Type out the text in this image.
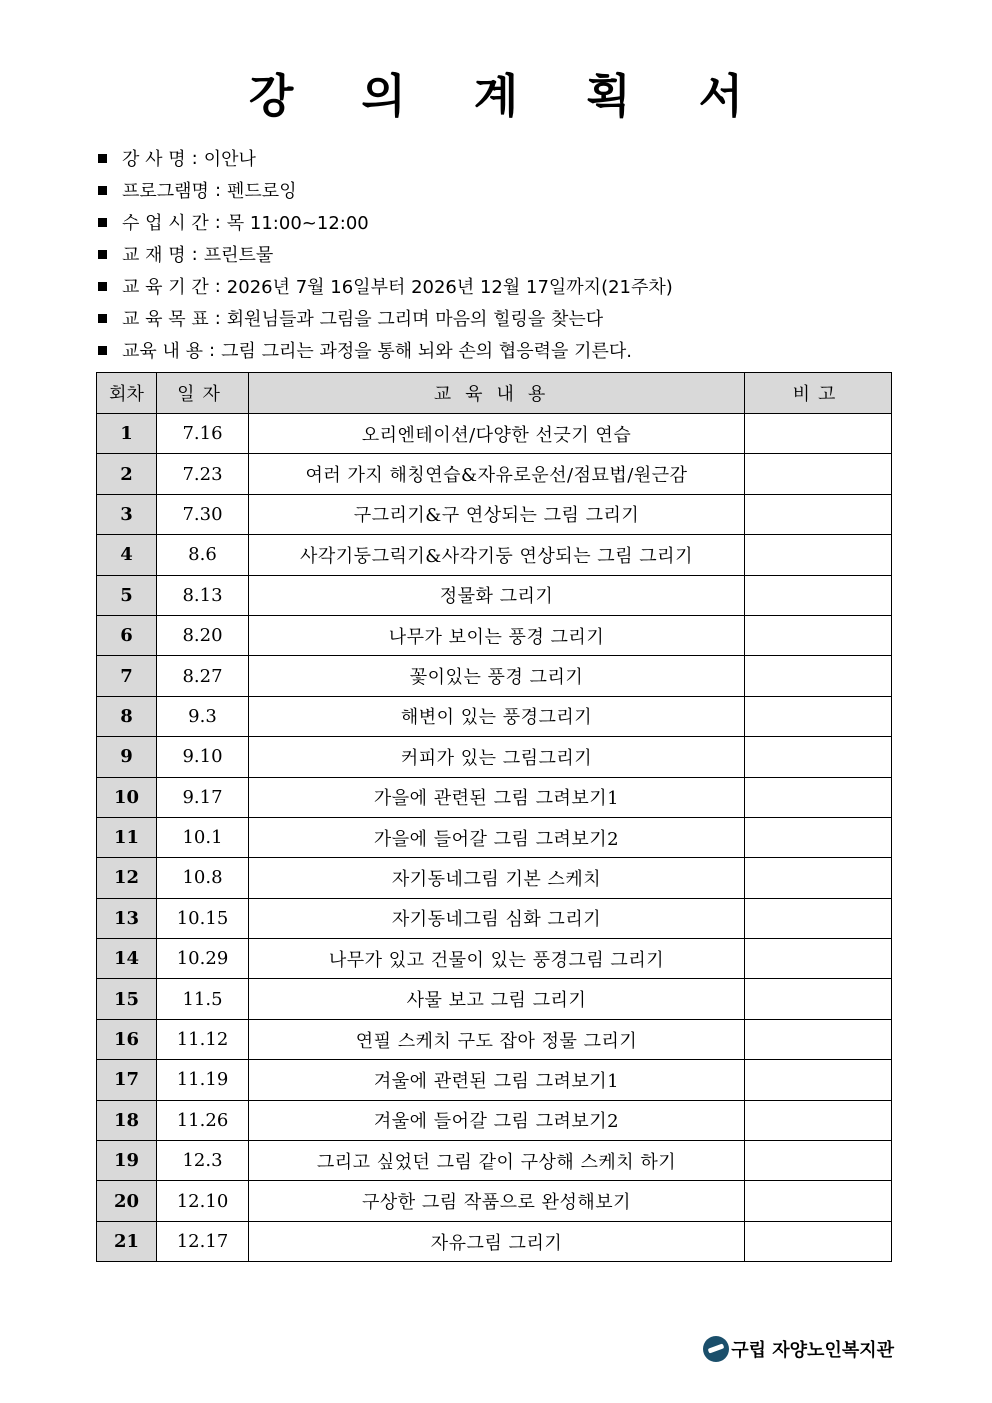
강 의 계 획 서
강 사 명 : 이안나
프로그램명 : 펜드로잉
수 업 시 간 : 목 11:00~12:00
교 재 명 : 프린트물
교 육 기 간 : 2026년 7월 16일부터 2026년 12월 17일까지(21주차)
교 육 목 표 : 회원님들과 그림을 그리며 마음의 힐링을 찾는다
교육 내 용 : 그림 그리는 과정을 통해 뇌와 손의 협응력을 기른다.
회차	일자	교육내용	비고
1	7.16	오리엔테이션/다양한 선긋기 연습	
2	7.23	여러 가지 해칭연습&자유로운선/점묘법/원근감	
3	7.30	구그리기&구 연상되는 그림 그리기	
4	8.6	사각기둥그릭기&사각기둥 연상되는 그림 그리기	
5	8.13	정물화 그리기	
6	8.20	나무가 보이는 풍경 그리기	
7	8.27	꽃이있는 풍경 그리기	
8	9.3	해변이 있는 풍경그리기	
9	9.10	커피가 있는 그림그리기	
10	9.17	가을에 관련된 그림 그려보기1	
11	10.1	가을에 들어갈 그림 그려보기2	
12	10.8	자기동네그림 기본 스케치	
13	10.15	자기동네그림 심화 그리기	
14	10.29	나무가 있고 건물이 있는 풍경그림 그리기	
15	11.5	사물 보고 그림 그리기	
16	11.12	연필 스케치 구도 잡아 정물 그리기	
17	11.19	겨울에 관련된 그림 그려보기1	
18	11.26	겨울에 들어갈 그림 그려보기2	
19	12.3	그리고 싶었던 그림 같이 구상해 스케치 하기	
20	12.10	구상한 그림 작품으로 완성해보기	
21	12.17	자유그림 그리기	
구립 자양노인복지관
